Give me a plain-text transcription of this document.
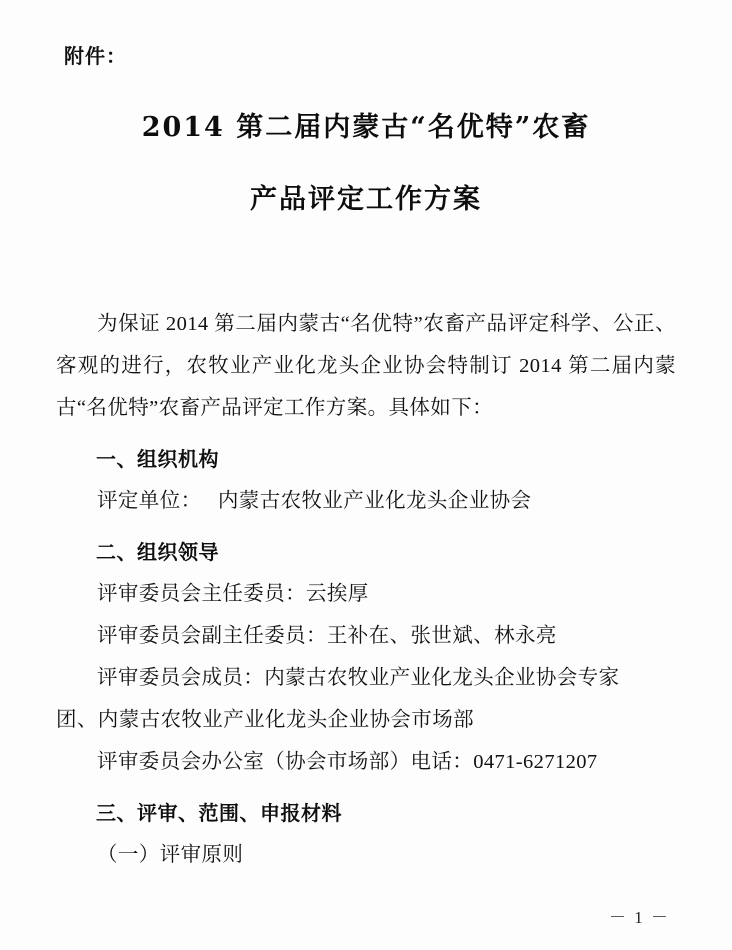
附件：
2014 第二届内蒙古“名优特”农畜
产品评定工作方案
为保证 2014 第二届内蒙古“名优特”农畜产品评定科学、公正、客观的进行，农牧业产业化龙头企业协会特制订 2014 第二届内蒙古“名优特”农畜产品评定工作方案。具体如下：
一、组织机构
评定单位： 内蒙古农牧业产业化龙头企业协会
二、组织领导
评审委员会主任委员：云挨厚
评审委员会副主任委员：王补在、张世斌、林永亮
评审委员会成员：内蒙古农牧业产业化龙头企业协会专家
团、内蒙古农牧业产业化龙头企业协会市场部
评审委员会办公室（协会市场部）电话：0471-6271207
三、评审、范围、申报材料
（一）评审原则
－ 1 －
